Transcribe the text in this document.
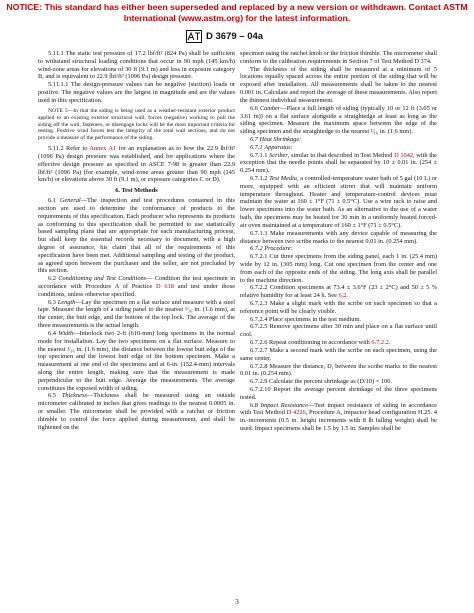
NOTICE: This standard has either been superseded and replaced by a new version or withdrawn. Contact ASTM
International (www.astm.org) for the latest information.
D 3679 – 04a

5.11.1 The static test pressure of 17.2 lbf/ft² (824 Pa) shall be sufficient to withstand structural loading conditions that occur in 90 mph (145 km/h) wind-zone areas for elevations of 30 ft (9.1 m) and less in exposure category B, and is equivalent to 22.9 lbf/ft² (1096 Pa) design pressure.

5.11.1.1 The design-pressure values can be negative (suction) loads or positive. The negative values are the largest in magnitude and are the values used in this specification.

NOTE 5—In that the siding is being used as a weather-resistant exterior product applied to an existing exterior structural wall, forces (negative) working to pull the siding off the wall, fasteners, or disengage locks will be the most important criteria for testing. Positive wind forces test the integrity of the total wall sections, and do not provide a measure of the performance of the siding.

5.11.2 Refer to Annex A1 for an explanation as to how the 22.9 lbf/ft² (1096 Pa) design pressure was established, and for applications where the effective design pressure as specified in ASCE 7-98 is greater than 22.9 lbf/ft² (1096 Pa) (for example, wind-zone areas greater than 90 mph (145 km/h) or elevations above 30 ft (9.1 m), or exposure categories C or D).

6. Test Methods

6.1 General—The inspection and test procedures contained in this section are used to determine the conformance of products to the requirements of this specification. Each producer who represents its products as conforming to this specification shall be permitted to use statistically based sampling plans that are appropriate for each manufacturing process, but shall keep the essential records necessary to document, with a high degree of assurance, his claim that all of the requirements of this specification have been met. Additional sampling and testing of the product, as agreed upon between the purchaser and the seller, are not precluded by this section.

6.2 Conditioning and Test Conditions— Condition the test specimen in accordance with Procedure A of Practice D 618 and test under those conditions, unless otherwise specified.

6.3 Length—Lay the specimen on a flat surface and measure with a steel tape. Measure the length of a siding panel to the nearest ¹⁄₁₆ in. (1.6 mm), at the center, the butt edge, and the bottom of the top lock. The average of the three measurements is the actual length.

6.4 Width—Interlock two 2-ft (610-mm) long specimens in the normal mode for installation. Lay the two specimens on a flat surface. Measure to the nearest ¹⁄₁₆ in. (1.6 mm), the distance between the lowest butt edge of the top specimen and the lowest butt edge of the bottom specimen. Make a measurement at one end of the specimens and at 6-in. (152.4-mm) intervals along the entire length, making sure that the measurement is made perpendicular to the butt edge. Average the measurements. The average constitutes the exposed width of siding.

6.5 Thickness—Thickness shall be measured using an outside micrometer calibrated in inches that gives readings to the nearest 0.0005 in. or smaller. The micrometer shall be provided with a ratchet or friction thimble to control the force applied during measurement, and shall be tightened on the

specimen using the ratchet knob or the friction thimble. The micrometer shall conform to the calibration requirements in Section 7 of Test Method D 374.

The thickness of the siding shall be measured at a minimum of 5 locations equally spaced across the entire portion of the siding that will be exposed after installation. All measurements shall be taken to the nearest 0.001 in. Calculate and report the average of these measurements. Also report the thinnest individual measurement.

6.6 Camber—Place a full length of siding (typically 10 or 12 ft (3.05 or 3.61 m)) on a flat surface alongside a straightedge at least as long as the siding specimen. Measure the maximum space between the edge of the siding specimen and the straightedge to the nearest ¹⁄₁₆ in. (1.6 mm).

6.7 Heat Shrinkage:

6.7.1 Apparatus:

6.7.1.1 Scriber, similar to that described in Test Method D 1042, with the exception that the needle points shall be separated by 10 ± 0.01 in. (254 ± 0.254 mm).

6.7.1.2 Test Media, a controlled-temperature water bath of 5 gal (10 L) or more, equipped with an efficient stirrer that will maintain uniform temperature throughout. Heater and temperature-control devices must maintain the water at 160 ± 1°F (71 ± 0.5°C). Use a wire rack to raise and lower specimens into the water bath. As an alternative to the use of a water bath, the specimens may be heated for 30 min in a uniformly heated forced-air oven maintained at a temperature of 160 ± 1°F (71 ± 0.5°C).

6.7.1.3 Make measurements with any device capable of measuring the distance between two scribe marks to the nearest 0.01 in. (0.254 mm).

6.7.2 Procedure:

6.7.2.1 Cut three specimens from the siding panel, each 1 in. (25.4 mm) wide by 12 in. (305 mm) long. Cut one specimen from the center and one from each of the opposite ends of the siding. The long axis shall be parallel to the machine direction.

6.7.2.2 Condition specimens at 73.4 ± 3.6°F (23 ± 2°C) and 50 ± 5 % relative humidity for at least 24 h. See 6.2.

6.7.2.3 Make a slight mark with the scribe on each specimen so that a reference point will be clearly visible.

6.7.2.4 Place specimens in the test medium.

6.7.2.5 Remove specimens after 30 min and place on a flat surface until cool.

6.7.2.6 Repeat conditioning in accordance with 6.7.2.2.

6.7.2.7 Make a second mark with the scribe on each specimen, using the same center.

6.7.2.8 Measure the distance, D, between the scribe marks to the nearest 0.01 in. (0.254 mm).

6.7.2.9 Calculate the percent shrinkage as (D/10) × 100.

6.7.2.10 Report the average percent shrinkage of the three specimens tested.

6.8 Impact Resistance—Test impact resistance of siding in accordance with Test Method D 4226, Procedure A, impactor head configuration H.25. 4 in.-increments (0.5 in. height increments with 8 lb falling weight) shall be used. Impact specimens shall be 1.5 by 1.5 in. Samples shall be

3
